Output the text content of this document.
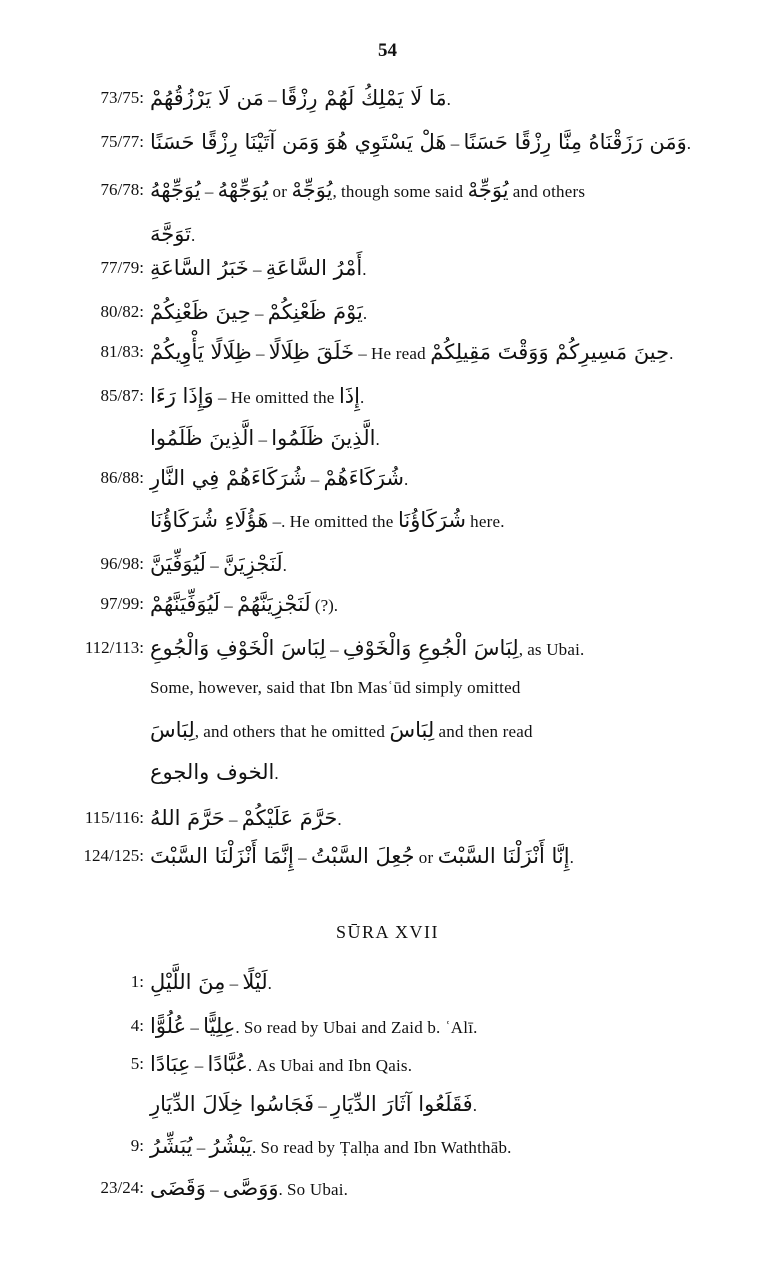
54
73/75: مَن لَا يَرْزُقُهُمْ – مَا لَا يَمْلِكُ لَهُمْ رِزْقًا.
75/77: هَلْ يَسْتَوِي هُوَ وَمَن آتَيْنَا رِزْقًا حَسَنًا – وَمَن رَزَقْنَاهُ مِنَّا رِزْقًا حَسَنًا.
76/78: يُوَجِّهْهُ – يُوَجِّهْهُ or يُوَجِّهْ, though some said يُوَجِّهْ and others
تَوَجَّهَ.
77/79: خَبَرُ السَّاعَةِ – أَمْرُ السَّاعَةِ.
80/82: حِينَ ظَعْنِكُمْ – يَوْمَ ظَعْنِكُمْ.
81/83: ظِلَالًا يَأْوِيكُمْ – خَلَقَ ظِلَالًا – He read حِينَ مَسِيرِكُمْ وَوَقْتَ مَقِيلِكُمْ.
85/87: وَإِذَا رَءَا – He omitted the إِذَا.
الَّذِينَ ظَلَمُوا – الَّذِينَ ظَلَمُوا.
86/88: شُرَكَاءَهُمْ فِي النَّارِ – شُرَكَاءَهُمْ.
هَؤُلَاءِ شُرَكَاؤُنَا –. He omitted the شُرَكَاؤُنَا here.
96/98: لَيُوَفِّيَنَّ – لَنَجْزِيَنَّ.
97/99: لَيُوَفِّيَنَّهُمْ – لَنَجْزِيَنَّهُمْ (?).
112/113: لِبَاسَ الْخَوْفِ وَالْجُوعِ – لِبَاسَ الْجُوعِ وَالْخَوْفِ, as Ubai.
Some, however, said that Ibn Masʿūd simply omitted
لِبَاسَ, and others that he omitted لِبَاسَ and then read
الخوف والجوع.
115/116: حَرَّمَ اللهُ – حَرَّمَ عَلَيْكُمْ.
124/125: إِنَّمَا أَنْزَلْنَا السَّبْتَ – جُعِلَ السَّبْتُ or إِنَّا أَنْزَلْنَا السَّبْتَ.
SŪRA XVII
1: مِنَ اللَّيْلِ – لَيْلًا.
4: عُلُوًّا – عِلِيًّا. So read by Ubai and Zaid b. ʿAlī.
5: عِبَادًا – عُبَّادًا. As Ubai and Ibn Qais.
فَجَاسُوا خِلَالَ الدِّيَارِ – فَقَلَعُوا آثَارَ الدِّيَارِ.
9: يُبَشِّرُ – يَبْشُرُ. So read by Ṭalḥa and Ibn Waththāb.
23/24: وَقَضَى – وَوَصَّى. So Ubai.
